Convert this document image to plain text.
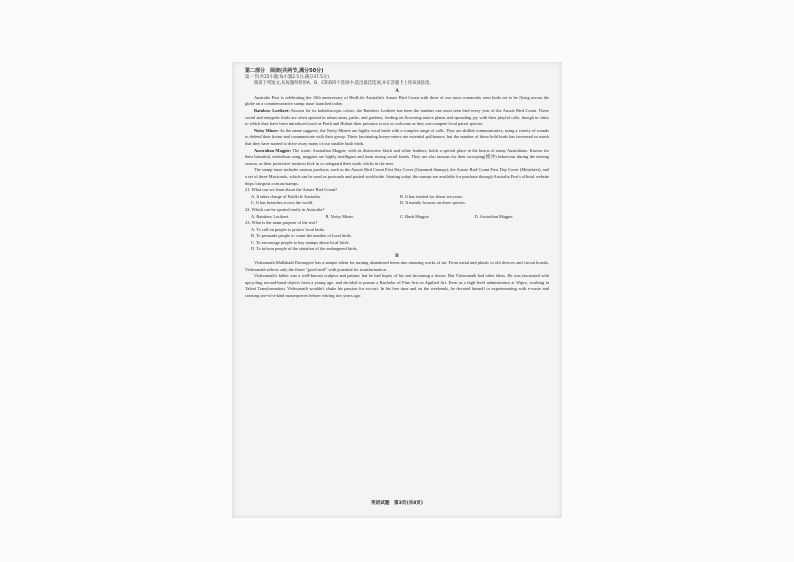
第二部分　阅读(共两节,满分50分)
第一节(共15小题;每小题2.5分,满分37.5分)
阅读下列短文,从每题所给的A、B、C和D四个选项中,选出最佳选项,并在答题卡上将该项涂黑。
A

Australia Post is celebrating the 10th anniversary of BirdLife Australia's Aussie Bird Count with three of our most commonly seen birds set to be flying across the globe on a commemorative stamp issue launched today.

Rainbow Lorikeet: Known for its kaleidoscopic colors, the Rainbow Lorikeet has been the number one most seen bird every year of the Aussie Bird Count. These social and energetic birds are often spotted in urban areas, parks, and gardens, feeding on flowering native plants and spreading joy with their playful calls, though in cities to which they have been introduced such as Perth and Hobart their presence is not so welcome as they out-compete local parrot species.

Noisy Miner: As the name suggests, the Noisy Miners are highly vocal birds with a complex range of calls. They are skilled communicators, using a variety of sounds to defend their house and communicate with their group. These fascinating honey-eaters are essential pollinators, but the number of these bold birds has increased so much that they have started to drive away many of our smaller bush birds.

Australian Magpie: The iconic Australian Magpie, with its distinctive black and white feathers, holds a special place in the hearts of many Australians. Known for their beautiful, melodious song, magpies are highly intelligent and form strong social bonds. They are also famous for their swooping(俯冲) behaviour during the nesting season, as their protective instincts kick in to safeguard their weak chicks in the nest.

The stamp issue includes various products, such as the Aussie Bird Count First Day Cover (Gummed Stamps), the Aussie Bird Count First Day Cover (Minisheet), and a set of three Maxicards, which can be used as postcards and posted worldwide. Starting today, the stamps are available for purchase through Australia Post's official website https://auspost.com.au/stamps.

21. What can we learn about the Aussie Bird Count?
A. It takes charge of BirdLife Australia.	B. It has existed for about ten years.
C. It has branches across the world.	D. It mainly focuses on three species.
22. Which can be spotted easily in Australia?
A. Rainbow Lorikeet.	B. Noisy Miner.	C. Bush Magpie.	D. Australian Magpie.
23. What is the main purpose of the text?
A. To call on people to protect local birds.
B. To persuade people to count the number of local birds.
C. To encourage people to buy stamps about local birds.
D. To inform people of the situation of the endangered birds.
B

Vishwanath Mallabadi Davangere has a unique talent for turning abandoned items into amazing works of art. From metal and plastic to old devices and circuit boards, Vishwanath selects only the finest "good stuff" with potential for transformation.

Vishwanath's father was a well-known sculptor and painter, but he had hopes of his son becoming a doctor. But Vishwanath had other ideas. He was fascinated with upcycling second-hand objects from a young age, and decided to pursue a Bachelor of Fine Arts in Applied Art. Even as a high-level administrator at Wipro, working in Talent Transformation, Vishwanath wouldn't shake his passion for eco-art. In his free time and on the weekends, he devoted himself to experimenting with e-waste and creating one-of-a-kind masterpieces before retiring two years ago.

英语试题　第3页(共8页)
